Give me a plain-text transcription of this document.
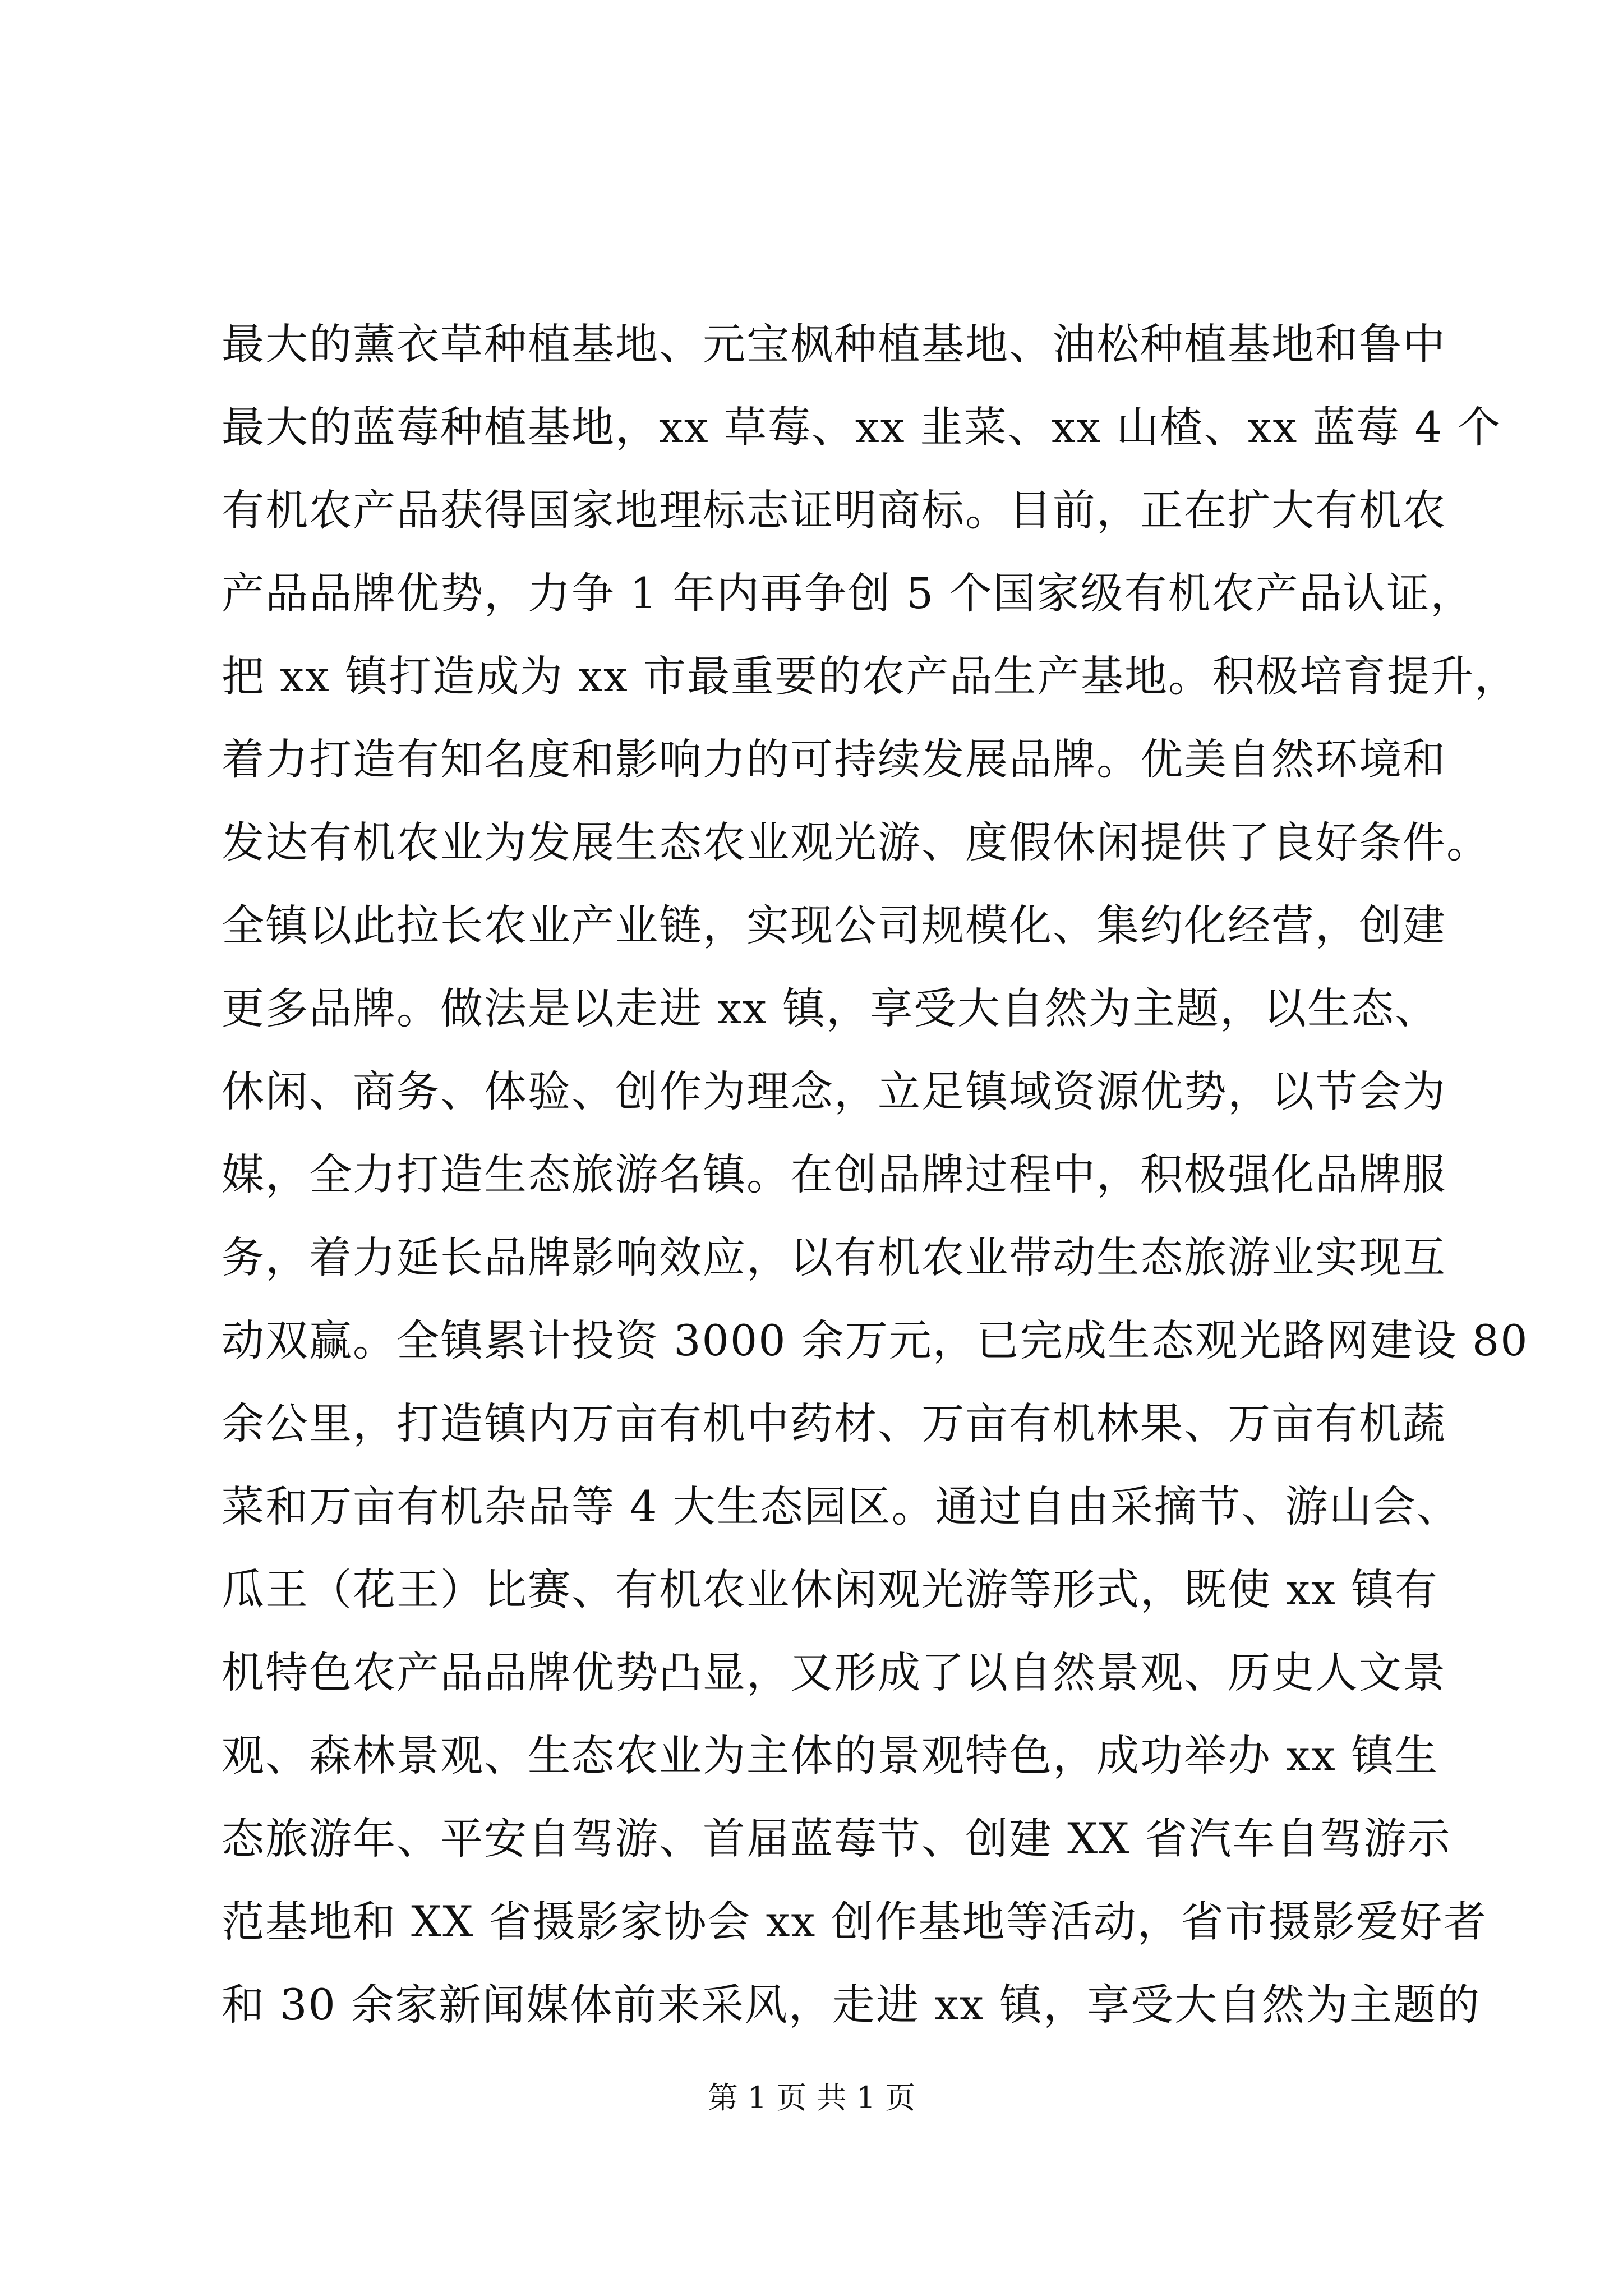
最大的薰衣草种植基地、元宝枫种植基地、油松种植基地和鲁中
最大的蓝莓种植基地，xx 草莓、xx 韭菜、xx 山楂、xx 蓝莓 4 个
有机农产品获得国家地理标志证明商标。目前，正在扩大有机农
产品品牌优势，力争 1 年内再争创 5 个国家级有机农产品认证，
把 xx 镇打造成为 xx 市最重要的农产品生产基地。积极培育提升，
着力打造有知名度和影响力的可持续发展品牌。优美自然环境和
发达有机农业为发展生态农业观光游、度假休闲提供了良好条件。
全镇以此拉长农业产业链，实现公司规模化、集约化经营，创建
更多品牌。做法是以走进 xx 镇，享受大自然为主题，以生态、
休闲、商务、体验、创作为理念，立足镇域资源优势，以节会为
媒，全力打造生态旅游名镇。在创品牌过程中，积极强化品牌服
务，着力延长品牌影响效应，以有机农业带动生态旅游业实现互
动双赢。全镇累计投资 3000 余万元，已完成生态观光路网建设 80
余公里，打造镇内万亩有机中药材、万亩有机林果、万亩有机蔬
菜和万亩有机杂品等 4 大生态园区。通过自由采摘节、游山会、
瓜王（花王）比赛、有机农业休闲观光游等形式，既使 xx 镇有
机特色农产品品牌优势凸显，又形成了以自然景观、历史人文景
观、森林景观、生态农业为主体的景观特色，成功举办 xx 镇生
态旅游年、平安自驾游、首届蓝莓节、创建 XX 省汽车自驾游示
范基地和 XX 省摄影家协会 xx 创作基地等活动，省市摄影爱好者
和 30 余家新闻媒体前来采风，走进 xx 镇，享受大自然为主题的
第 1 页 共 1 页
